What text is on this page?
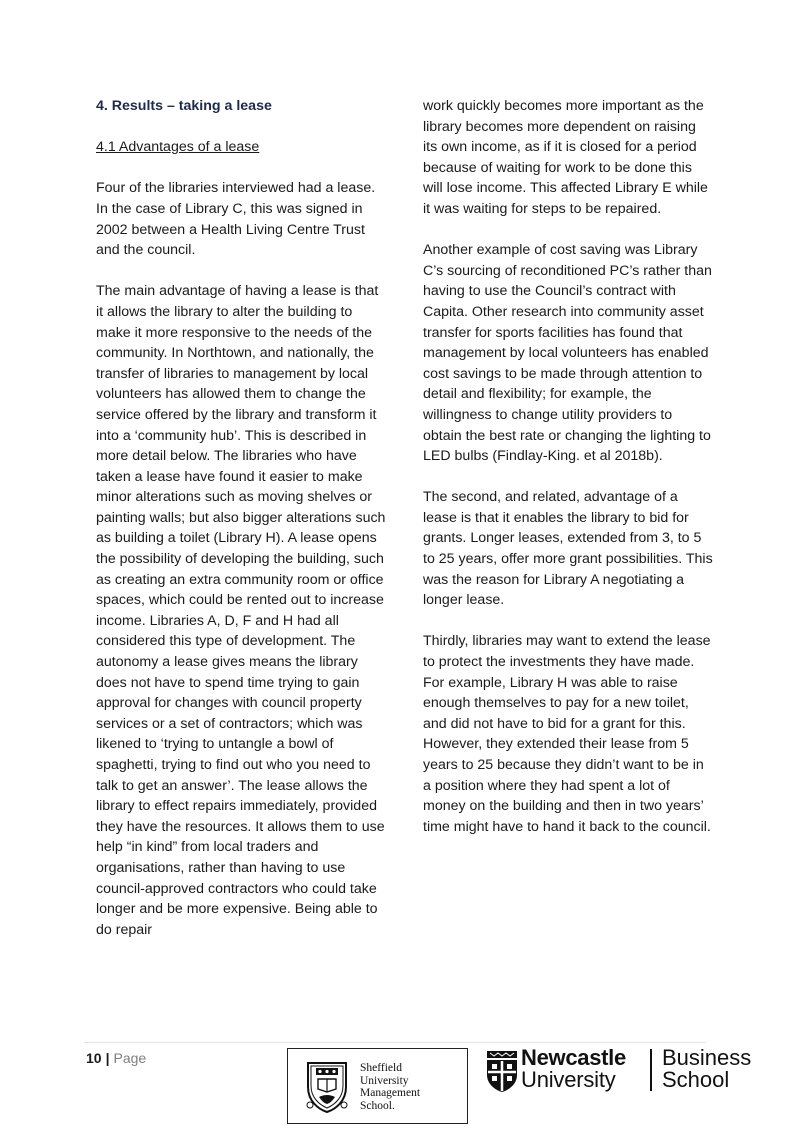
4. Results – taking a lease

4.1 Advantages of a lease

Four of the libraries interviewed had a lease. In the case of Library C, this was signed in 2002 between a Health Living Centre Trust and the council.

The main advantage of having a lease is that it allows the library to alter the building to make it more responsive to the needs of the community. In Northtown, and nationally, the transfer of libraries to management by local volunteers has allowed them to change the service offered by the library and transform it into a ‘community hub’. This is described in more detail below. The libraries who have taken a lease have found it easier to make minor alterations such as moving shelves or painting walls; but also bigger alterations such as building a toilet (Library H). A lease opens the possibility of developing the building, such as creating an extra community room or office spaces, which could be rented out to increase income. Libraries A, D, F and H had all considered this type of development. The autonomy a lease gives means the library does not have to spend time trying to gain approval for changes with council property services or a set of contractors; which was likened to ‘trying to untangle a bowl of spaghetti, trying to find out who you need to talk to get an answer’. The lease allows the library to effect repairs immediately, provided they have the resources. It allows them to use help “in kind” from local traders and organisations, rather than having to use council-approved contractors who could take longer and be more expensive. Being able to do repair

work quickly becomes more important as the library becomes more dependent on raising its own income, as if it is closed for a period because of waiting for work to be done this will lose income. This affected Library E while it was waiting for steps to be repaired.

Another example of cost saving was Library C’s sourcing of reconditioned PC’s rather than having to use the Council’s contract with Capita. Other research into community asset transfer for sports facilities has found that management by local volunteers has enabled cost savings to be made through attention to detail and flexibility; for example, the willingness to change utility providers to obtain the best rate or changing the lighting to LED bulbs (Findlay-King. et al 2018b).

The second, and related, advantage of a lease is that it enables the library to bid for grants. Longer leases, extended from 3, to 5 to 25 years, offer more grant possibilities. This was the reason for Library A negotiating a longer lease.

Thirdly, libraries may want to extend the lease to protect the investments they have made. For example, Library H was able to raise enough themselves to pay for a new toilet, and did not have to bid for a grant for this. However, they extended their lease from 5 years to 25 because they didn’t want to be in a position where they had spent a lot of money on the building and then in two years’ time might have to hand it back to the council.

10 | Page
Sheffield
University
Management
School.
Newcastle
University
Business
School
